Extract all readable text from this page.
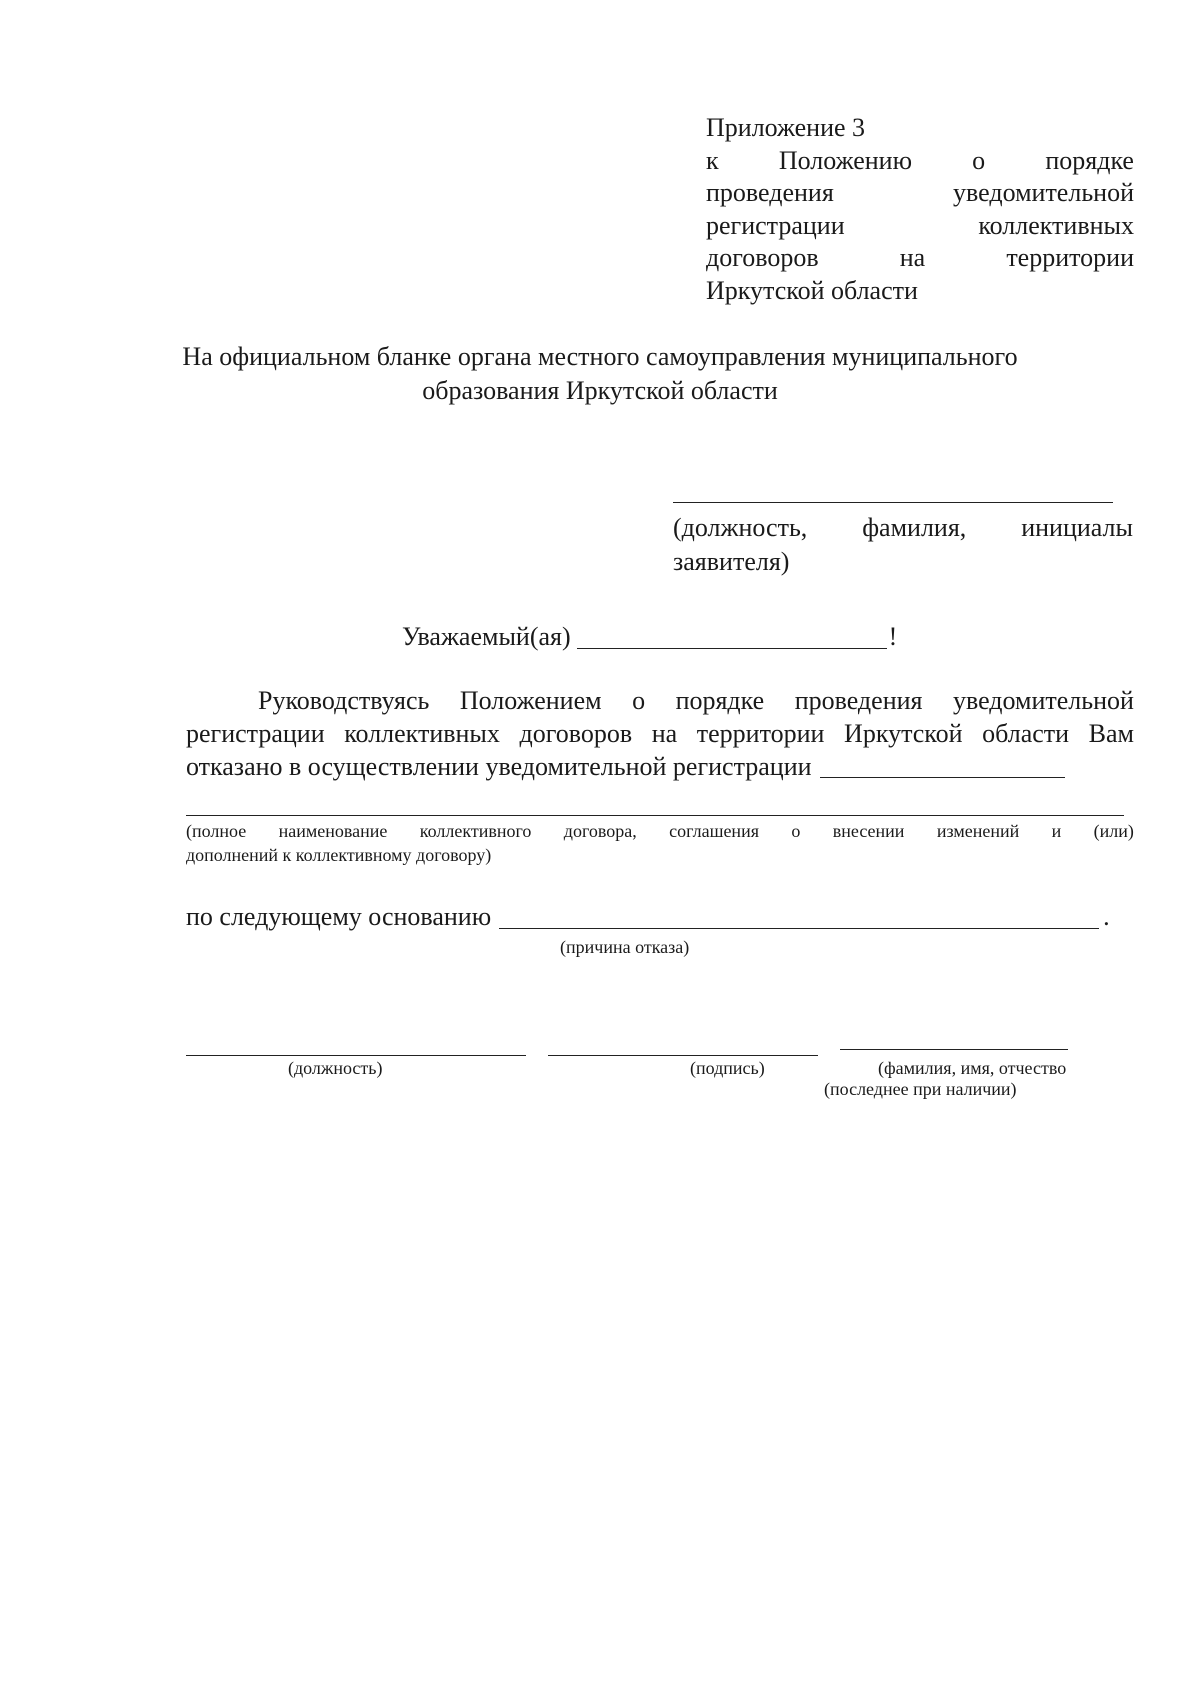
Приложение 3
к Положению о порядке
проведения	уведомительной
регистрации	коллективных
договоров	на	территории
Иркутской области
На официальном бланке органа местного самоуправления муниципального
образования Иркутской области
(должность, фамилия, инициалы
заявителя)
Уважаемый(ая)	!
Руководствуясь Положением о порядке проведения уведомительной
регистрации коллективных договоров на территории Иркутской области Вам
отказано в осуществлении уведомительной регистрации
(полное наименование коллективного договора, соглашения о внесении изменений и (или)
дополнений к коллективному договору)
по следующему основанию	.
(причина отказа)
(должность)	(подпись)	(фамилия, имя, отчество
(последнее при наличии)
